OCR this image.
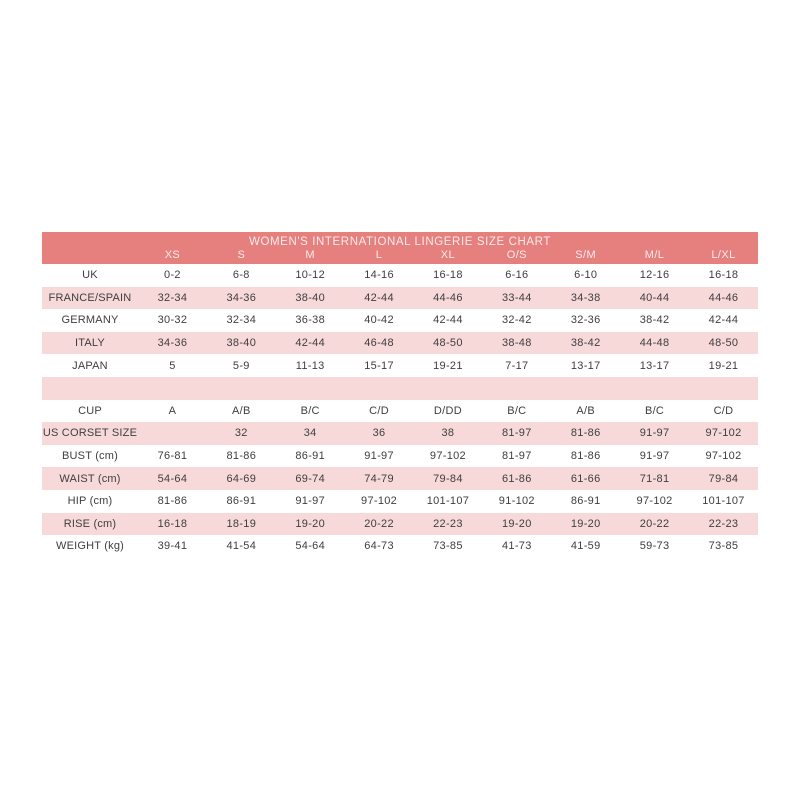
WOMEN'S INTERNATIONAL LINGERIE SIZE CHART									
	XS	S	M	L	XL	O/S	S/M	M/L	L/XL
UK	0-2	6-8	10-12	14-16	16-18	6-16	6-10	12-16	16-18
FRANCE/SPAIN	32-34	34-36	38-40	42-44	44-46	33-44	34-38	40-44	44-46
GERMANY	30-32	32-34	36-38	40-42	42-44	32-42	32-36	38-42	42-44
ITALY	34-36	38-40	42-44	46-48	48-50	38-48	38-42	44-48	48-50
JAPAN	5	5-9	11-13	15-17	19-21	7-17	13-17	13-17	19-21

CUP	A	A/B	B/C	C/D	D/DD	B/C	A/B	B/C	C/D
US CORSET SIZE		32	34	36	38	81-97	81-86	91-97	97-102
BUST (cm)	76-81	81-86	86-91	91-97	97-102	81-97	81-86	91-97	97-102
WAIST (cm)	54-64	64-69	69-74	74-79	79-84	61-86	61-66	71-81	79-84
HIP (cm)	81-86	86-91	91-97	97-102	101-107	91-102	86-91	97-102	101-107
RISE (cm)	16-18	18-19	19-20	20-22	22-23	19-20	19-20	20-22	22-23
WEIGHT (kg)	39-41	41-54	54-64	64-73	73-85	41-73	41-59	59-73	73-85
